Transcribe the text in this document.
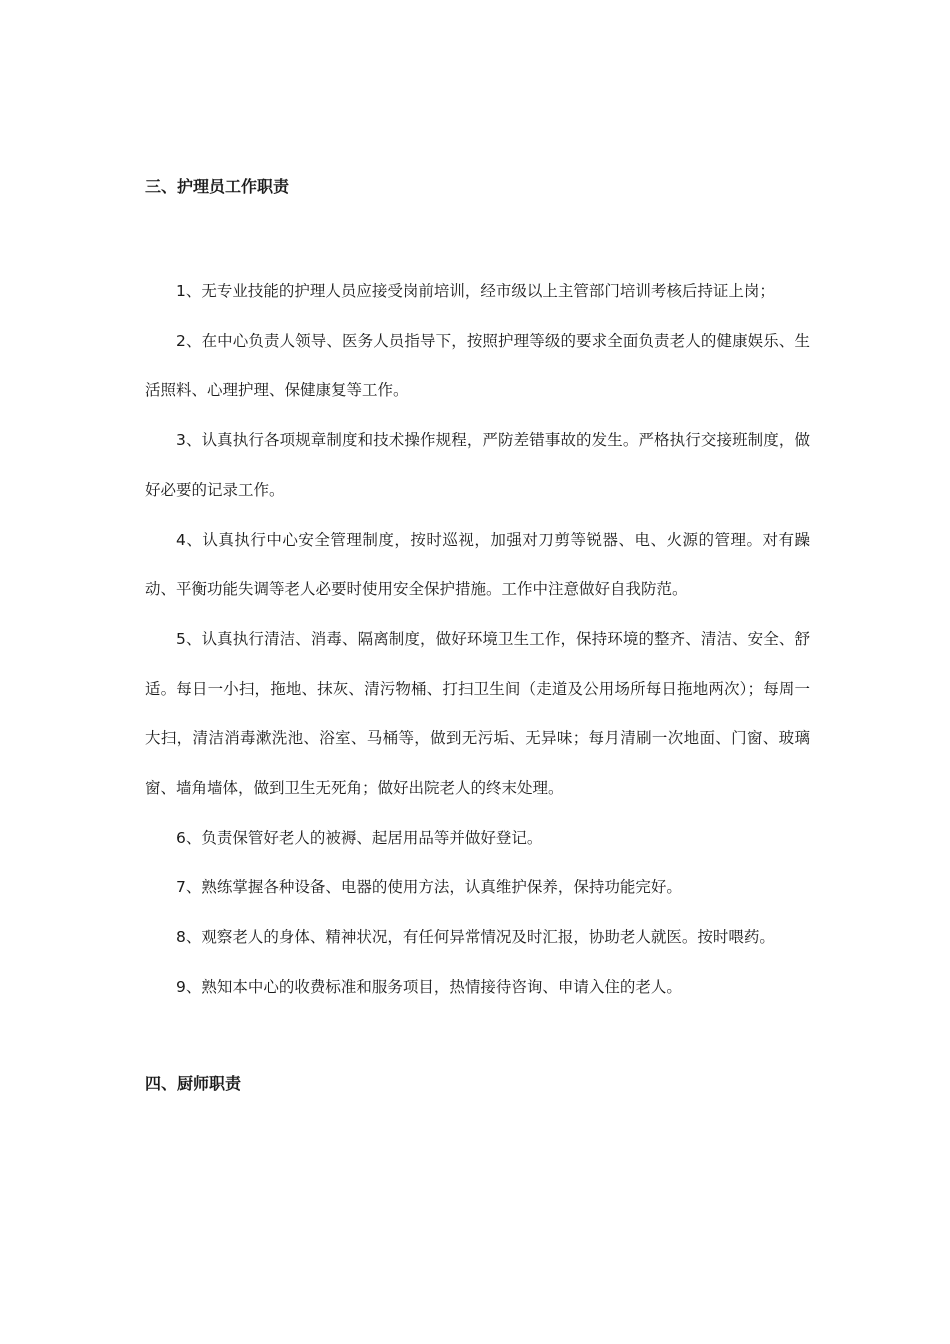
三、护理员工作职责

1、无专业技能的护理人员应接受岗前培训，经市级以上主管部门培训考核后持证上岗；

2、在中心负责人领导、医务人员指导下，按照护理等级的要求全面负责老人的健康娱乐、生活照料、心理护理、保健康复等工作。

3、认真执行各项规章制度和技术操作规程，严防差错事故的发生。严格执行交接班制度，做好必要的记录工作。

4、认真执行中心安全管理制度，按时巡视，加强对刀剪等锐器、电、火源的管理。对有躁动、平衡功能失调等老人必要时使用安全保护措施。工作中注意做好自我防范。

5、认真执行清洁、消毒、隔离制度，做好环境卫生工作，保持环境的整齐、清洁、安全、舒适。每日一小扫，拖地、抹灰、清污物桶、打扫卫生间（走道及公用场所每日拖地两次）；每周一大扫，清洁消毒漱洗池、浴室、马桶等，做到无污垢、无异味；每月清刷一次地面、门窗、玻璃窗、墙角墙体，做到卫生无死角；做好出院老人的终末处理。

6、负责保管好老人的被褥、起居用品等并做好登记。

7、熟练掌握各种设备、电器的使用方法，认真维护保养，保持功能完好。

8、观察老人的身体、精神状况，有任何异常情况及时汇报，协助老人就医。按时喂药。

9、熟知本中心的收费标准和服务项目，热情接待咨询、申请入住的老人。

四、厨师职责
